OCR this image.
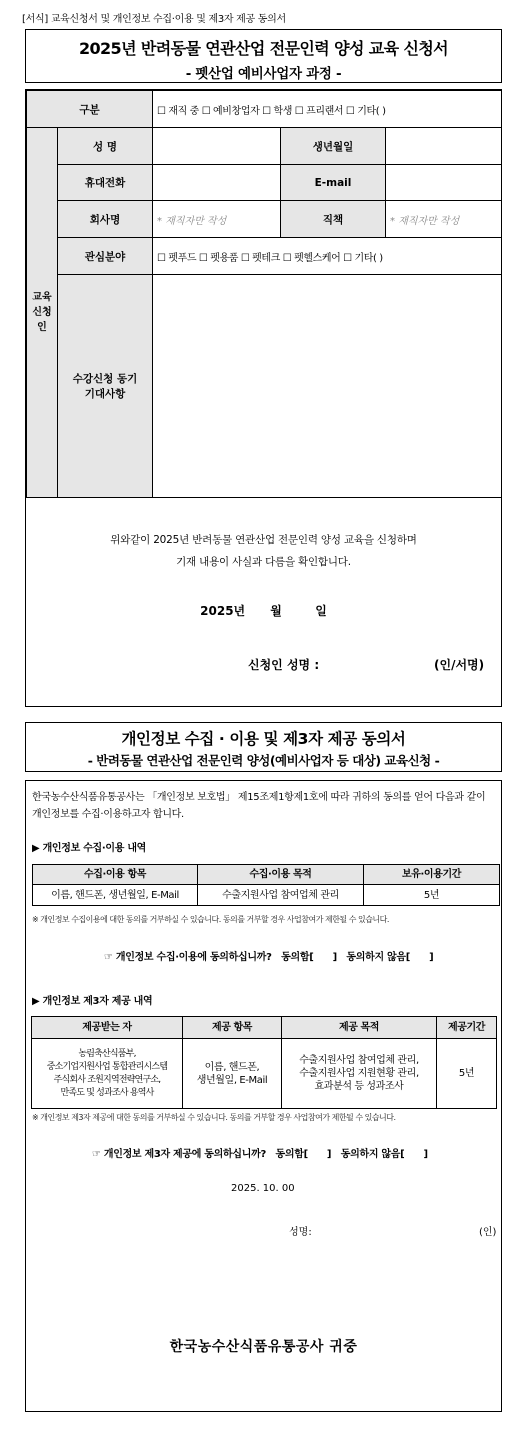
[서식] 교육신청서 및 개인정보 수집·이용 및 제3자 제공 동의서
2025년 반려동물 연관산업 전문인력 양성 교육 신청서
- 펫산업 예비사업자 과정 -
구분		☐ 재직 중 ☐ 예비창업자 ☐ 학생 ☐ 프리랜서 ☐ 기타( )		
교육
신청인	성 명		생년월일	
	휴대전화		E-mail	
	회사명	* 재직자만 작성	직책	* 재직자만 작성
	관심분야	☐ 펫푸드 ☐ 펫용품 ☐ 펫테크 ☐ 펫헬스케어 ☐ 기타( )		
	수강신청 동기
기대사항			
위와같이 2025년 반려동물 연관산업 전문인력 양성 교육을 신청하며
기재 내용이 사실과 다름을 확인합니다.
2025년      월        일
신청인 성명 :	(인/서명)
개인정보 수집 · 이용 및 제3자 제공 동의서
- 반려동물 연관산업 전문인력 양성(예비사업자 등 대상) 교육신청 -
한국농수산식품유통공사는 「개인정보 보호법」 제15조제1항제1호에 따라 귀하의 동의를 얻어 다음과 같이 개인정보를 수집·이용하고자 합니다.
▶ 개인정보 수집·이용 내역
수집·이용 항목	수집·이용 목적	보유·이용기간
이름, 핸드폰, 생년월일, E-Mail	수출지원사업 참여업체 관리	5년
※ 개인정보 수집이용에 대한 동의를 거부하실 수 있습니다. 동의를 거부할 경우 사업참여가 제한될 수 있습니다.
☞ 개인정보 수집·이용에 동의하십니까?   동의함[      ]   동의하지 않음[      ]
▶ 개인정보 제3자 제공 내역
제공받는 자	제공 항목	제공 목적	제공기간
농림축산식품부,
중소기업지원사업 통합관리시스템
주식회사 조원지역전략연구소,
만족도 및 성과조사 용역사	이름, 핸드폰,
생년월일, E-Mail	수출지원사업 참여업체 관리,
수출지원사업 지원현황 관리,
효과분석 등 성과조사	5년
※ 개인정보 제3자 제공에 대한 동의를 거부하실 수 있습니다. 동의를 거부할 경우 사업참여가 제한될 수 있습니다.
☞ 개인정보 제3자 제공에 동의하십니까?   동의함[      ]   동의하지 않음[      ]
2025. 10. 00
성명:	(인)
한국농수산식품유통공사 귀중
